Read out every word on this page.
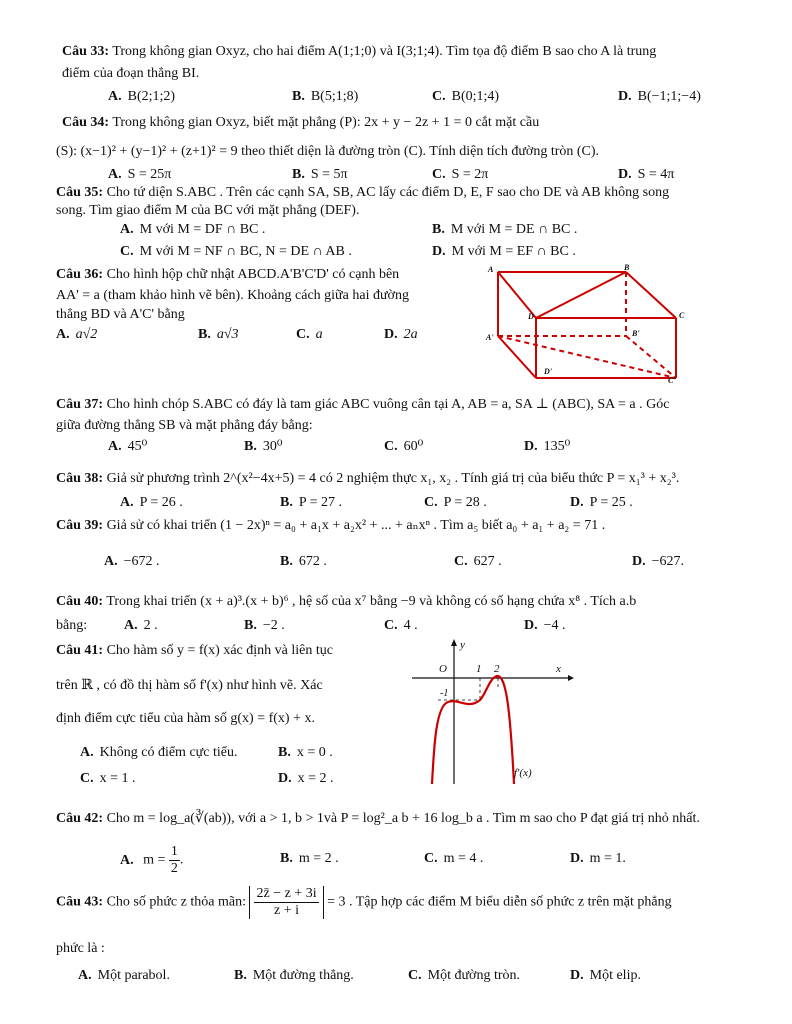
Câu 33: Trong không gian Oxyz, cho hai điểm A(1;1;0) và I(3;1;4). Tìm tọa độ điểm B sao cho A là trung
điểm của đoạn thẳng BI.
A. B(2;1;2)	B. B(5;1;8)	C. B(0;1;4)	D. B(−1;1;−4)
Câu 34: Trong không gian Oxyz, biết mặt phẳng (P): 2x + y − 2z + 1 = 0 cắt mặt cầu
(S): (x−1)² + (y−1)² + (z+1)² = 9 theo thiết diện là đường tròn (C). Tính diện tích đường tròn (C).
A. S = 25π	B. S = 5π	C. S = 2π	D. S = 4π
Câu 35: Cho tứ diện S.ABC . Trên các cạnh SA, SB, AC lấy các điểm D, E, F sao cho DE và AB không song
song. Tìm giao điểm M của BC với mặt phẳng (DEF).
A. M với M = DF ∩ BC .	B. M với M = DE ∩ BC .
C. M với M = NF ∩ BC, N = DE ∩ AB .	D. M với M = EF ∩ BC .
Câu 36: Cho hình hộp chữ nhật ABCD.A'B'C'D' có cạnh bên
AA' = a (tham khảo hình vẽ bên). Khoảng cách giữa hai đường
thẳng BD và A'C' bằng
A. a√2	B. a√3	C. a	D. 2a
A	B
C
D
A'	B'
C'
D'
Câu 37: Cho hình chóp S.ABC có đáy là tam giác ABC vuông cân tại A, AB = a, SA ⊥ (ABC), SA = a . Góc
giữa đường thẳng SB và mặt phẳng đáy bằng:
A. 45⁰	B. 30⁰	C. 60⁰	D. 135⁰
Câu 38: Giả sử phương trình 2^(x²−4x+5) = 4 có 2 nghiệm thực x₁, x₂ . Tính giá trị của biểu thức P = x₁³ + x₂³.
A. P = 26 .	B. P = 27 .	C. P = 28 .	D. P = 25 .
Câu 39: Giả sử có khai triển (1 − 2x)ⁿ = a₀ + a₁x + a₂x² + ... + aₙxⁿ . Tìm a₅ biết a₀ + a₁ + a₂ = 71 .
A. −672 .	B. 672 .	C. 627 .	D. −627.
Câu 40: Trong khai triển (x + a)³.(x + b)⁶ , hệ số của x⁷ bằng −9 và không có số hạng chứa x⁸ . Tích a.b
bằng:	A. 2 .	B. −2 .	C. 4 .	D. −4 .
Câu 41: Cho hàm số y = f(x) xác định và liên tục
trên ℝ , có đồ thị hàm số f'(x) như hình vẽ. Xác
định điểm cực tiểu của hàm số g(x) = f(x) + x.
A. Không có điểm cực tiểu.	B. x = 0 .
C. x = 1 .	D. x = 2 .
O	1 2	x
y
-1
f'(x)
Câu 42: Cho m = log_a(∛(ab)), với a > 1, b > 1và P = log²_a b + 16 log_b a . Tìm m sao cho P đạt giá trị nhỏ nhất.
A. $m = \frac{1}{2}$ .	B. m = 2 .	C. m = 4 .	D. m = 1.
Câu 43: Cho số phức z thỏa mãn: $\frac{2z̄ - z + 3i}{z + i} = 3$ . Tập hợp các điểm M biểu diễn số phức z trên mặt phẳng
phức là :
A. Một parabol.	B. Một đường thẳng.	C. Một đường tròn.	D. Một elip.
